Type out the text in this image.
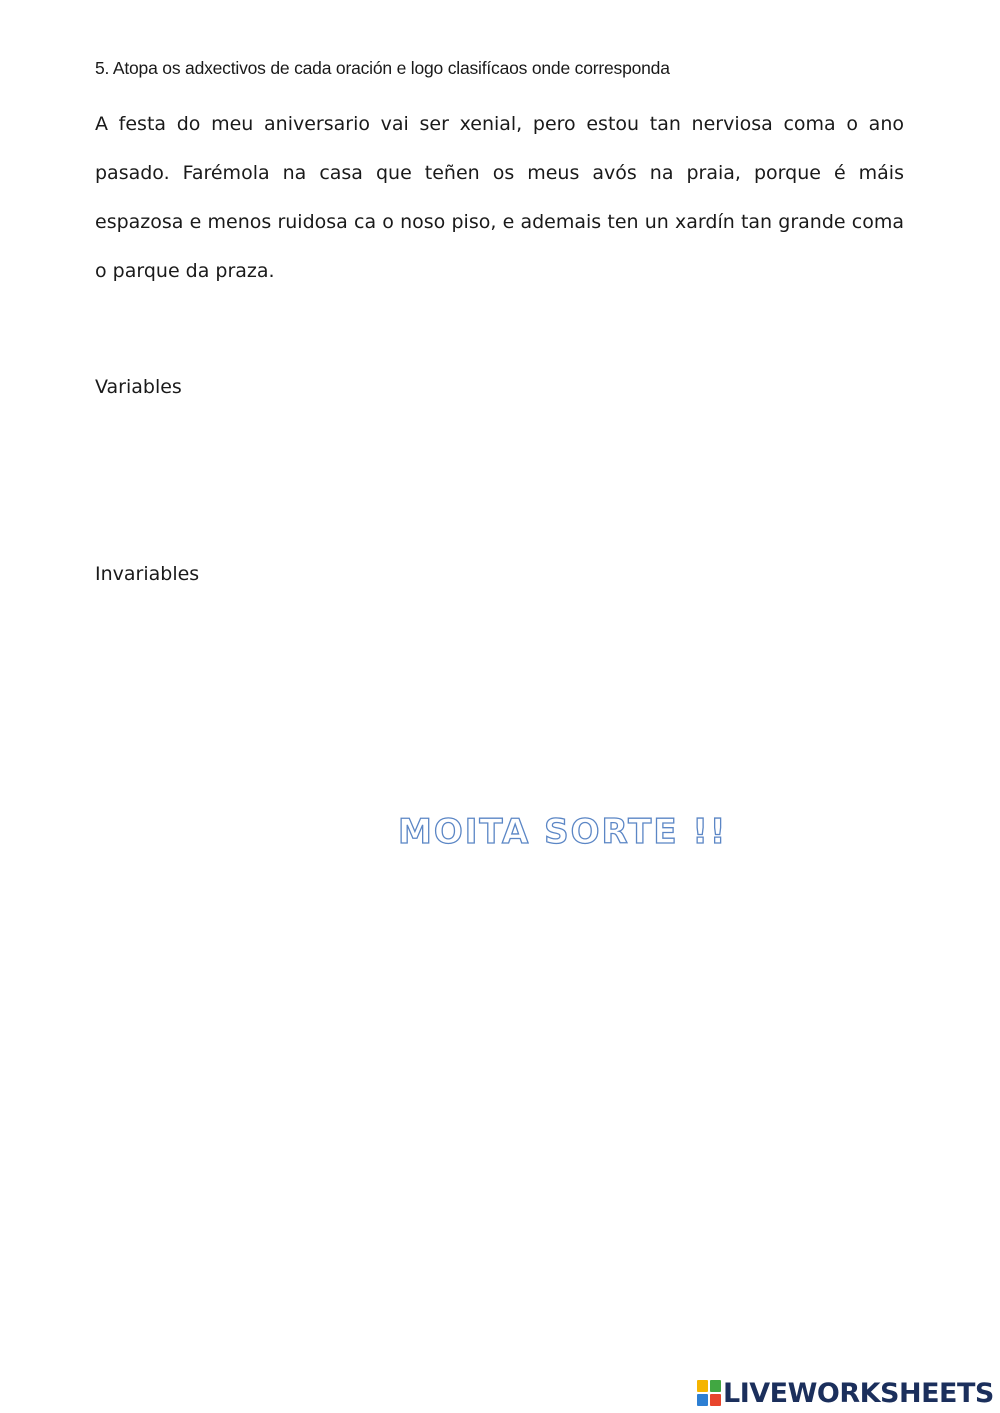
5. Atopa os adxectivos de cada oración e logo clasifícaos onde corresponda

A festa do meu aniversario vai ser xenial, pero estou tan nerviosa coma o ano pasado. Farémola na casa que teñen os meus avós na praia, porque é máis espazosa e menos ruidosa ca o noso piso, e ademais ten un xardín tan grande coma o parque da praza.

Variables
Invariables
MOITA SORTE !!
LIVEWORKSHEETS
